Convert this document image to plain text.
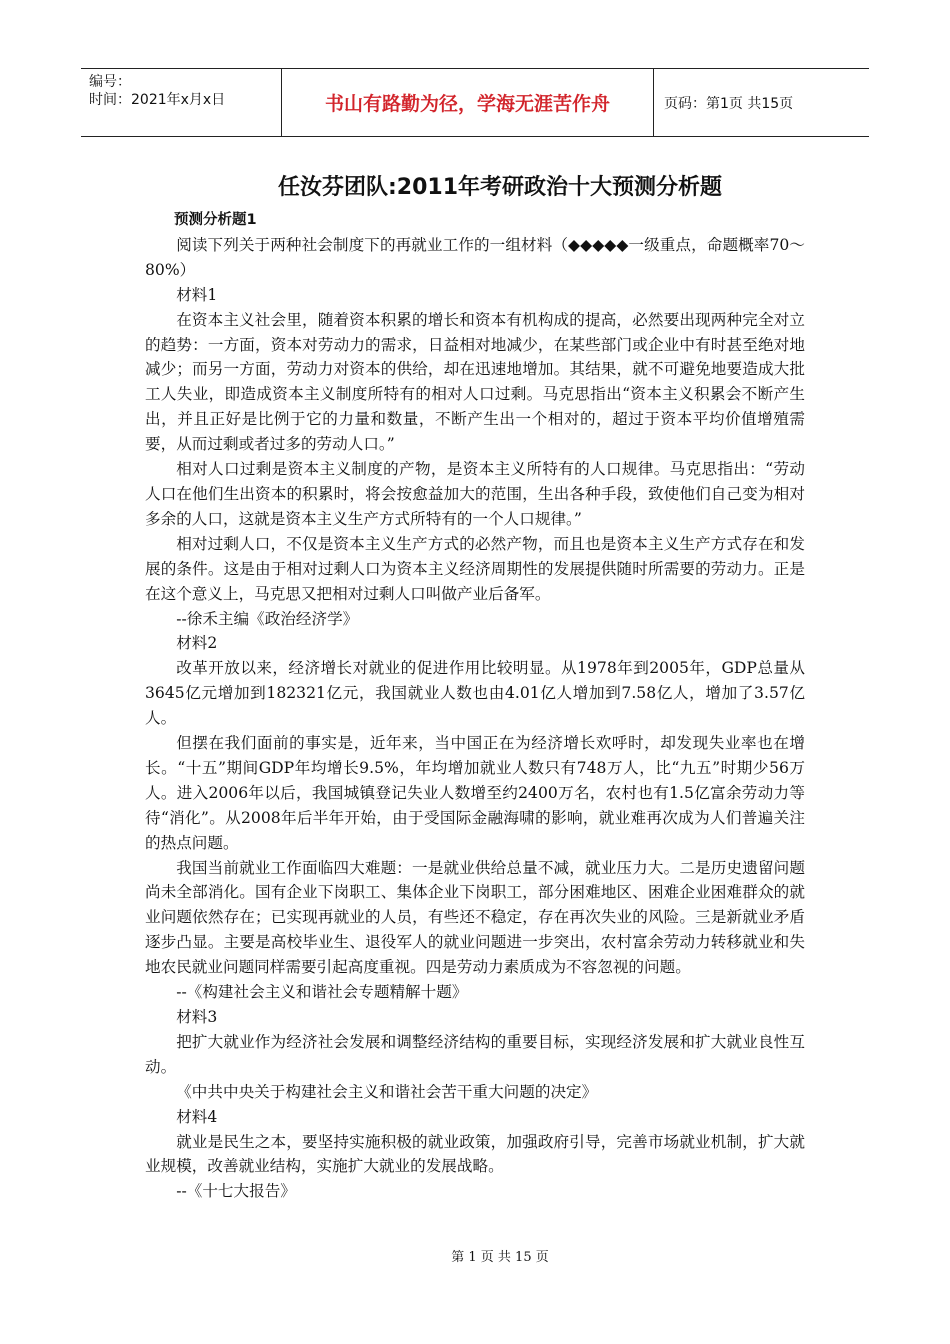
编号：
时间：2021年x月x日	书山有路勤为径，学海无涯苦作舟	页码：第1页 共15页
任汝芬团队:2011年考研政治十大预测分析题

预测分析题1

阅读下列关于两种社会制度下的再就业工作的一组材料（◆◆◆◆◆一级重点，命题概率70～80%）

材料1

在资本主义社会里，随着资本积累的增长和资本有机构成的提高，必然要出现两种完全对立的趋势：一方面，资本对劳动力的需求，日益相对地减少，在某些部门或企业中有时甚至绝对地减少；而另一方面，劳动力对资本的供给，却在迅速地增加。其结果，就不可避免地要造成大批工人失业，即造成资本主义制度所特有的相对人口过剩。马克思指出“资本主义积累会不断产生出，并且正好是比例于它的力量和数量，不断产生出一个相对的，超过于资本平均价值增殖需要，从而过剩或者过多的劳动人口。”

相对人口过剩是资本主义制度的产物，是资本主义所特有的人口规律。马克思指出：“劳动人口在他们生出资本的积累时，将会按愈益加大的范围，生出各种手段，致使他们自己变为相对多余的人口，这就是资本主义生产方式所特有的一个人口规律。”

相对过剩人口，不仅是资本主义生产方式的必然产物，而且也是资本主义生产方式存在和发展的条件。这是由于相对过剩人口为资本主义经济周期性的发展提供随时所需要的劳动力。正是在这个意义上，马克思又把相对过剩人口叫做产业后备军。

--徐禾主编《政治经济学》

材料2

改革开放以来，经济增长对就业的促进作用比较明显。从1978年到2005年，GDP总量从3645亿元增加到182321亿元，我国就业人数也由4.01亿人增加到7.58亿人，增加了3.57亿人。

但摆在我们面前的事实是，近年来，当中国正在为经济增长欢呼时，却发现失业率也在增长。“十五”期间GDP年均增长9.5%，年均增加就业人数只有748万人，比“九五”时期少56万人。进入2006年以后，我国城镇登记失业人数增至约2400万名，农村也有1.5亿富余劳动力等待“消化”。从2008年后半年开始，由于受国际金融海啸的影响，就业难再次成为人们普遍关注的热点问题。

我国当前就业工作面临四大难题：一是就业供给总量不减，就业压力大。二是历史遗留问题尚未全部消化。国有企业下岗职工、集体企业下岗职工，部分困难地区、困难企业困难群众的就业问题依然存在；已实现再就业的人员，有些还不稳定，存在再次失业的风险。三是新就业矛盾逐步凸显。主要是高校毕业生、退役军人的就业问题进一步突出，农村富余劳动力转移就业和失地农民就业问题同样需要引起高度重视。四是劳动力素质成为不容忽视的问题。

--《构建社会主义和谐社会专题精解十题》

材料3

把扩大就业作为经济社会发展和调整经济结构的重要目标，实现经济发展和扩大就业良性互动。

《中共中央关于构建社会主义和谐社会苦干重大问题的决定》

材料4

就业是民生之本，要坚持实施积极的就业政策，加强政府引导，完善市场就业机制，扩大就业规模，改善就业结构，实施扩大就业的发展战略。

--《十七大报告》

第 1 页 共 15 页
